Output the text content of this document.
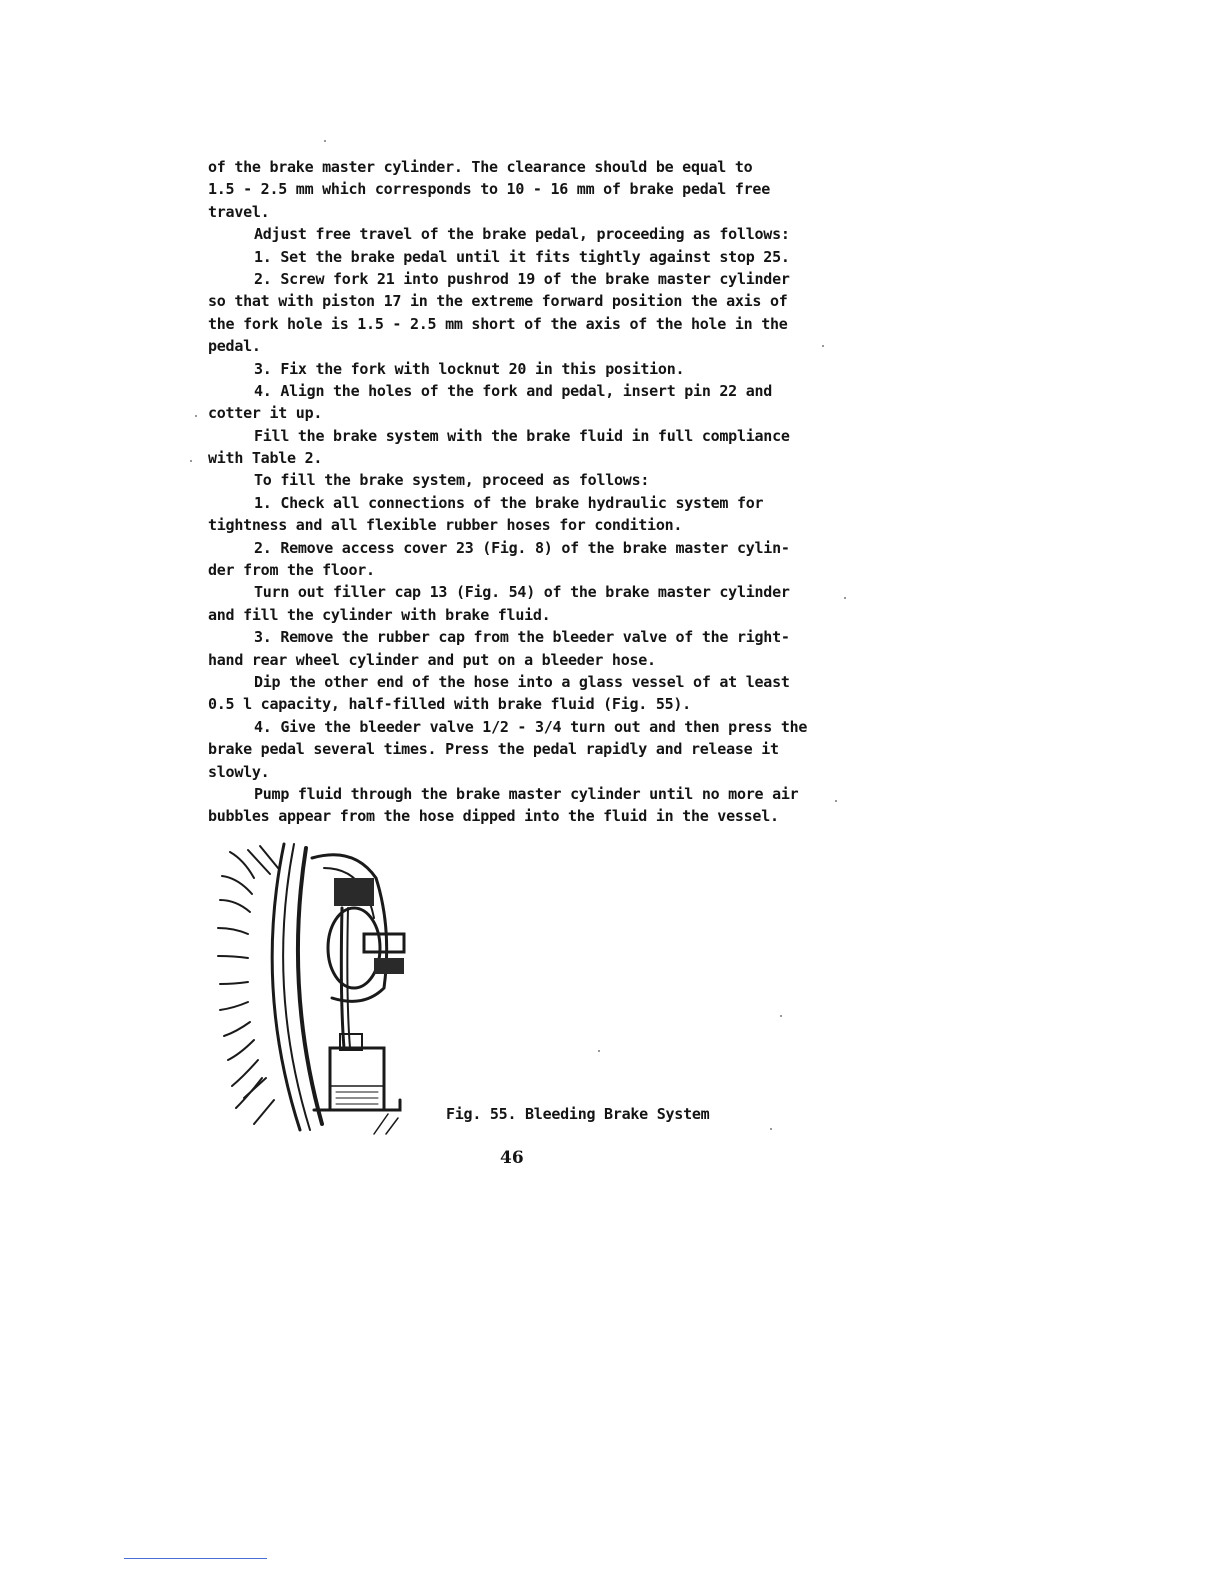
of the brake master cylinder. The clearance should be equal to
1.5 - 2.5 mm which corresponds to 10 - 16 mm of brake pedal free
travel.
Adjust free travel of the brake pedal, proceeding as follows:
1. Set the brake pedal until it fits tightly against stop 25.
2. Screw fork 21 into pushrod 19 of the brake master cylinder
so that with piston 17 in the extreme forward position the axis of
the fork hole is 1.5 - 2.5 mm short of the axis of the hole in the
pedal.
3. Fix the fork with locknut 20 in this position.
4. Align the holes of the fork and pedal, insert pin 22 and
cotter it up.
Fill the brake system with the brake fluid in full compliance
with Table 2.
To fill the brake system, proceed as follows:
1. Check all connections of the brake hydraulic system for
tightness and all flexible rubber hoses for condition.
2. Remove access cover 23 (Fig. 8) of the brake master cylin-
der from the floor.
Turn out filler cap 13 (Fig. 54) of the brake master cylinder
and fill the cylinder with brake fluid.
3. Remove the rubber cap from the bleeder valve of the right-
hand rear wheel cylinder and put on a bleeder hose.
Dip the other end of the hose into a glass vessel of at least
0.5 l capacity, half-filled with brake fluid (Fig. 55).
4. Give the bleeder valve 1/2 - 3/4 turn out and then press the
brake pedal several times. Press the pedal rapidly and release it
slowly.
Pump fluid through the brake master cylinder until no more air
bubbles appear from the hose dipped into the fluid in the vessel.
Fig. 55. Bleeding Brake System
46
